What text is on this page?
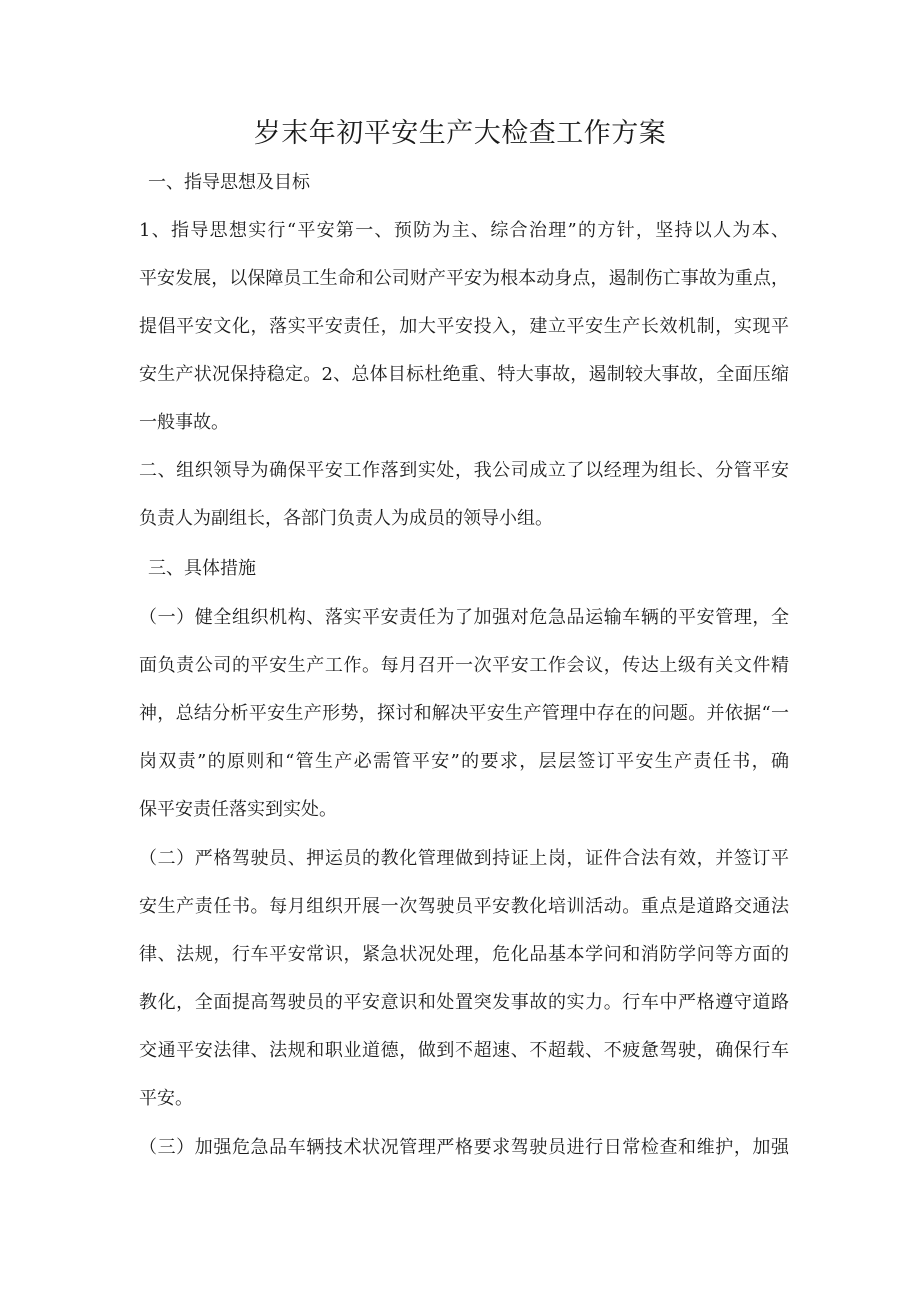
岁末年初平安生产大检查工作方案

一、指导思想及目标

1、指导思想实行“平安第一、预防为主、综合治理”的方针，坚持以人为本、

平安发展，以保障员工生命和公司财产平安为根本动身点，遏制伤亡事故为重点，

提倡平安文化，落实平安责任，加大平安投入，建立平安生产长效机制，实现平

安生产状况保持稳定。2、总体目标杜绝重、特大事故，遏制较大事故，全面压缩

一般事故。

二、组织领导为确保平安工作落到实处，我公司成立了以经理为组长、分管平安

负责人为副组长，各部门负责人为成员的领导小组。

三、具体措施

（一）健全组织机构、落实平安责任为了加强对危急品运输车辆的平安管理，全

面负责公司的平安生产工作。每月召开一次平安工作会议，传达上级有关文件精

神，总结分析平安生产形势，探讨和解决平安生产管理中存在的问题。并依据“一

岗双责”的原则和“管生产必需管平安”的要求，层层签订平安生产责任书，确

保平安责任落实到实处。

（二）严格驾驶员、押运员的教化管理做到持证上岗，证件合法有效，并签订平

安生产责任书。每月组织开展一次驾驶员平安教化培训活动。重点是道路交通法

律、法规，行车平安常识，紧急状况处理，危化品基本学问和消防学问等方面的

教化，全面提高驾驶员的平安意识和处置突发事故的实力。行车中严格遵守道路

交通平安法律、法规和职业道德，做到不超速、不超载、不疲惫驾驶，确保行车

平安。

（三）加强危急品车辆技术状况管理严格要求驾驶员进行日常检查和维护，加强
